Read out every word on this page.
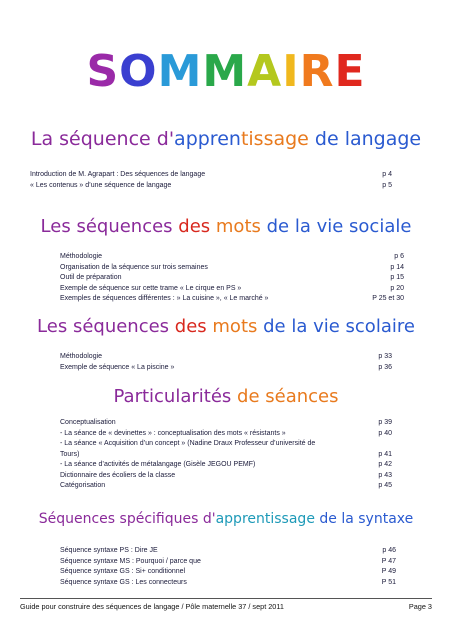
SOMMAIRE
La séquence d'apprentissage de langage
Introduction de M. Agrapart : Des séquences de langage	p 4
« Les contenus » d’une séquence de langage	p 5
Les séquences des mots de la vie sociale
Méthodologie	p 6
Organisation de la séquence sur trois semaines	p 14
Outil de préparation	p 15
Exemple de séquence sur cette trame « Le cirque en PS »	p 20
Exemples de séquences différentes : » La cuisine », « Le marché »	P 25 et 30
Les séquences des mots de la vie scolaire
Méthodologie	p 33
Exemple de séquence « La piscine »	p 36
Particularités de séances
Conceptualisation	p 39
- La séance de « devinettes » : conceptualisation des mots « résistants »	p 40
- La séance « Acquisition d’un concept » (Nadine Draux Professeur d’université de
Tours)	p 41
- La séance d’activités de métalangage (Gisèle JEGOU PEMF)	p 42
Dictionnaire des écoliers de la classe	p 43
Catégorisation	p 45
Séquences spécifiques d'apprentissage de la syntaxe
Séquence syntaxe PS : Dire JE	p 46
Séquence syntaxe MS : Pourquoi / parce que	P 47
Séquence syntaxe GS : Si+ conditionnel	P 49
Séquence syntaxe GS : Les connecteurs	P 51
Guide pour construire des séquences de langage / Pôle maternelle 37 / sept 2011	Page 3
